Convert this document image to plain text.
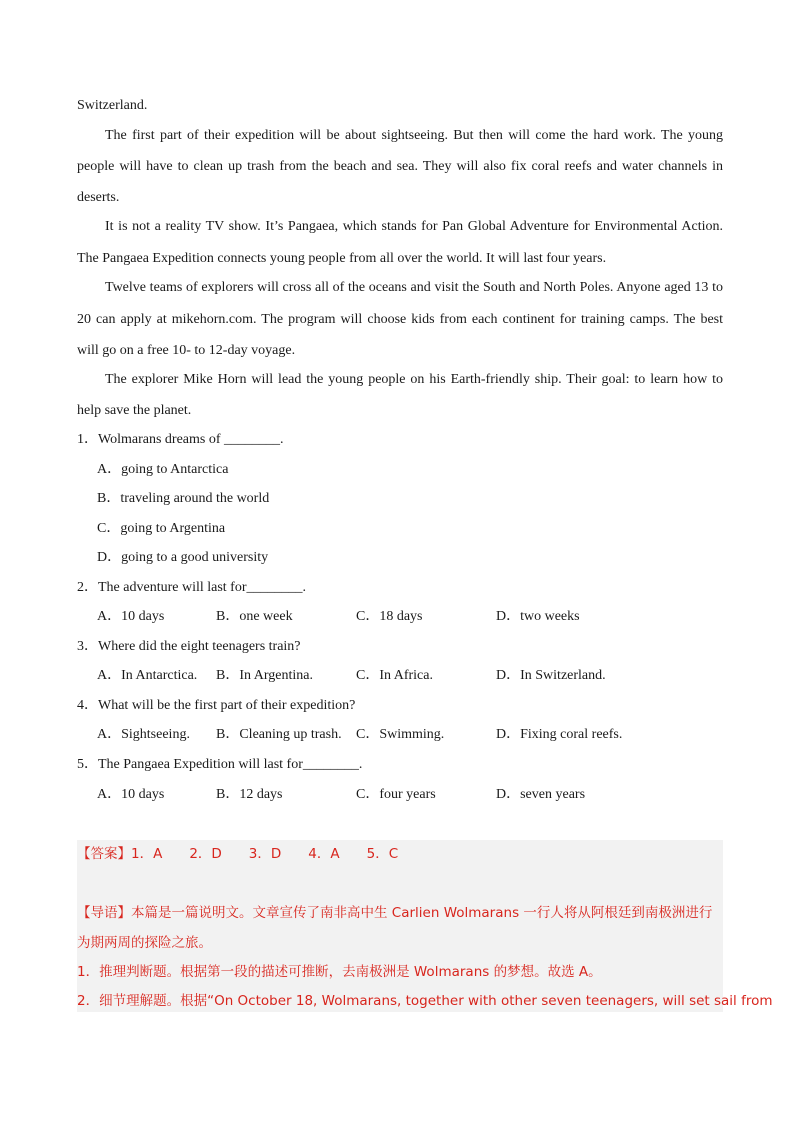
Switzerland.
The first part of their expedition will be about sightseeing. But then will come the hard work. The young
people will have to clean up trash from the beach and sea. They will also fix coral reefs and water channels in
deserts.
It is not a reality TV show. It’s Pangaea, which stands for Pan Global Adventure for Environmental Action.
The Pangaea Expedition connects young people from all over the world. It will last four years.
Twelve teams of explorers will cross all of the oceans and visit the South and North Poles. Anyone aged 13 to
20 can apply at mikehorn.com. The program will choose kids from each continent for training camps. The best
will go on a free 10- to 12-day voyage.
The explorer Mike Horn will lead the young people on his Earth-friendly ship. Their goal: to learn how to
help save the planet.
1．Wolmarans dreams of ________.
A．going to Antarctica
B．traveling around the world
C．going to Argentina
D．going to a good university
2．The adventure will last for________.
A．10 days	B．one week	C．18 days	D．two weeks
3．Where did the eight teenagers train?
A．In Antarctica. B．In Argentina.	C．In Africa.	D．In Switzerland.
4．What will be the first part of their expedition?
A．Sightseeing. B．Cleaning up trash. C．Swimming.	D．Fixing coral reefs.
5．The Pangaea Expedition will last for________.
A．10 days	B．12 days	C．four years	D．seven years
【答案】1．A　　2．D　　3．D　　4．A　　5．C
【导语】本篇是一篇说明文。文章宣传了南非高中生 Carlien Wolmarans 一行人将从阿根廷到南极洲进行
为期两周的探险之旅。
1．推理判断题。根据第一段的描述可推断，去南极洲是 Wolmarans 的梦想。故选 A。
2．细节理解题。根据“On October 18, Wolmarans, together with other seven teenagers, will set sail from
